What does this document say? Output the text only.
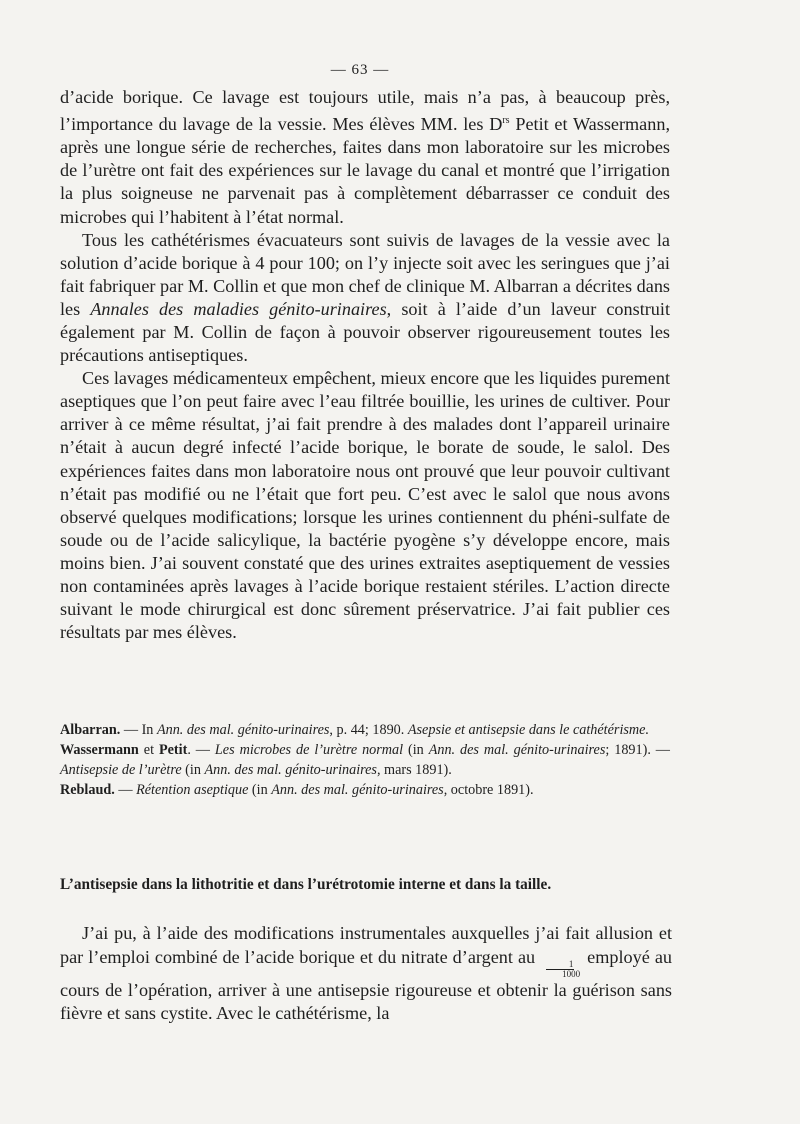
— 63 —

d’acide borique. Ce lavage est toujours utile, mais n’a pas, à beaucoup près, l’importance du lavage de la vessie. Mes élèves MM. les $D^{rs}$ Petit et Wassermann, après une longue série de recherches, faites dans mon laboratoire sur les microbes de l’urètre ont fait des expériences sur le lavage du canal et montré que l’irrigation la plus soigneuse ne parvenait pas à complètement débarrasser ce conduit des microbes qui l’habitent à l’état normal.

Tous les cathétérismes évacuateurs sont suivis de lavages de la vessie avec la solution d’acide borique à 4 pour 100; on l’y injecte soit avec les seringues que j’ai fait fabriquer par M. Collin et que mon chef de clinique M. Albarran a décrites dans les Annales des maladies génito-urinaires, soit à l’aide d’un laveur construit également par M. Collin de façon à pouvoir observer rigoureusement toutes les précautions antiseptiques.

Ces lavages médicamenteux empêchent, mieux encore que les liquides purement aseptiques que l’on peut faire avec l’eau filtrée bouillie, les urines de cultiver. Pour arriver à ce même résultat, j’ai fait prendre à des malades dont l’appareil urinaire n’était à aucun degré infecté l’acide borique, le borate de soude, le salol. Des expériences faites dans mon laboratoire nous ont prouvé que leur pouvoir cultivant n’était pas modifié ou ne l’était que fort peu. C’est avec le salol que nous avons observé quelques modifications; lorsque les urines contiennent du phéni-sulfate de soude ou de l’acide salicylique, la bactérie pyogène s’y développe encore, mais moins bien. J’ai souvent constaté que des urines extraites aseptiquement de vessies non contaminées après lavages à l’acide borique restaient stériles. L’action directe suivant le mode chirurgical est donc sûrement préservatrice. J’ai fait publier ces résultats par mes élèves.

Albarran. — In Ann. des mal. génito-urinaires, p. 44; 1890. Asepsie et antisepsie dans le cathétérisme.

Wassermann et Petit. — Les microbes de l’urètre normal (in Ann. des mal. génito-urinaires; 1891). — Antisepsie de l’urètre (in Ann. des mal. génito-urinaires, mars 1891).

Reblaud. — Rétention aseptique (in Ann. des mal. génito-urinaires, octobre 1891).

L’antisepsie dans la lithotritie et dans l’urétrotomie interne et dans la taille.

J’ai pu, à l’aide des modifications instrumentales auxquelles j’ai fait allusion et par l’emploi combiné de l’acide borique et du nitrate d’argent au
$\frac{1}{1000}$
employé au cours de l’opération, arriver à une antisepsie rigoureuse et obtenir la guérison sans fièvre et sans cystite. Avec le cathétérisme, la
